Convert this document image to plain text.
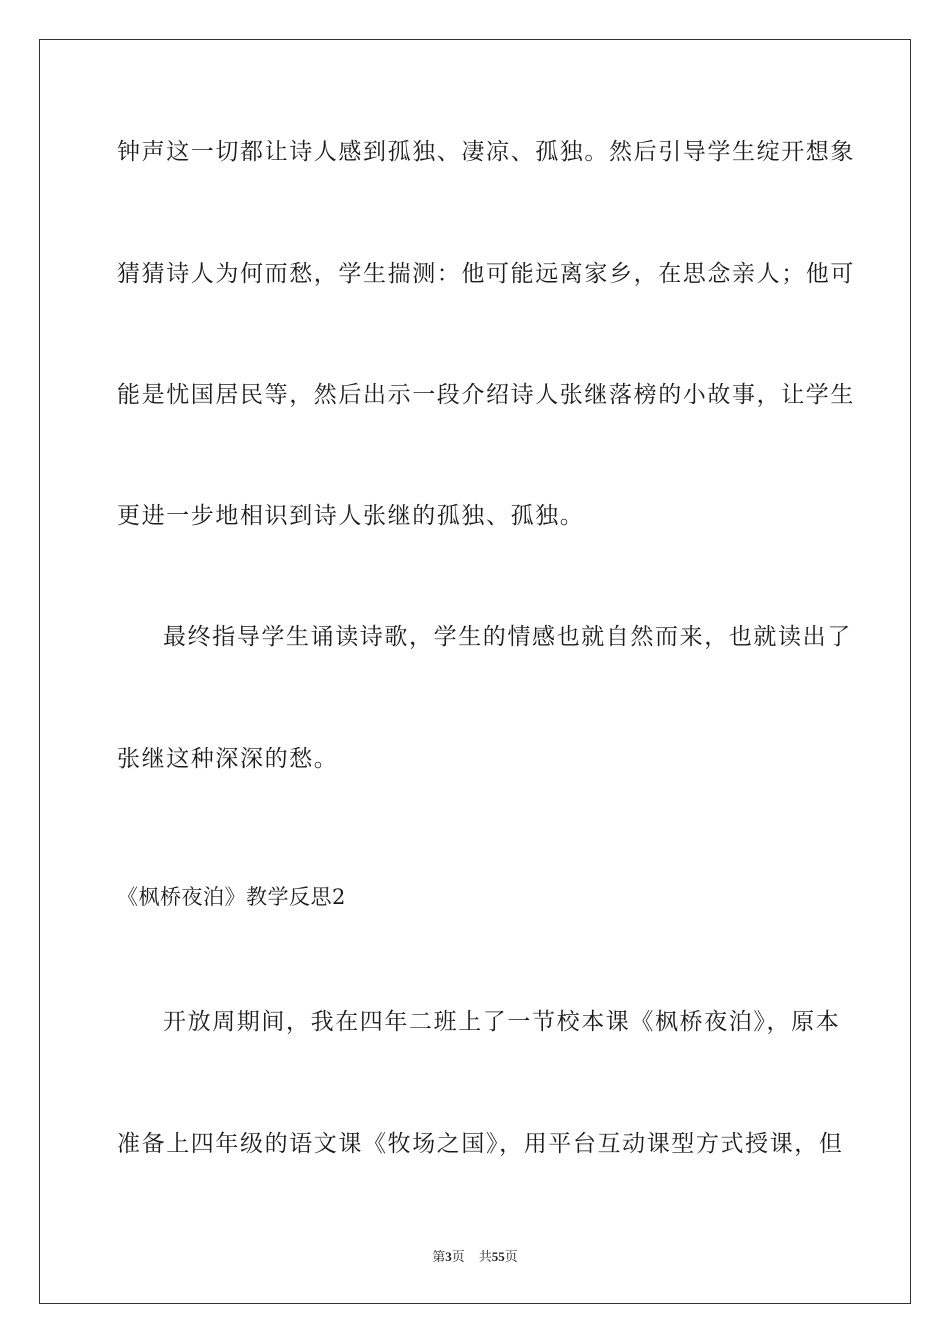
钟声这一切都让诗人感到孤独、凄凉、孤独。然后引导学生绽开想象
猜猜诗人为何而愁，学生揣测：他可能远离家乡，在思念亲人；他可
能是忧国居民等，然后出示一段介绍诗人张继落榜的小故事，让学生
更进一步地相识到诗人张继的孤独、孤独。
最终指导学生诵读诗歌，学生的情感也就自然而来，也就读出了
张继这种深深的愁。
《枫桥夜泊》教学反思2
开放周期间，我在四年二班上了一节校本课《枫桥夜泊》，原本
准备上四年级的语文课《牧场之国》，用平台互动课型方式授课，但
第3页 共55页
